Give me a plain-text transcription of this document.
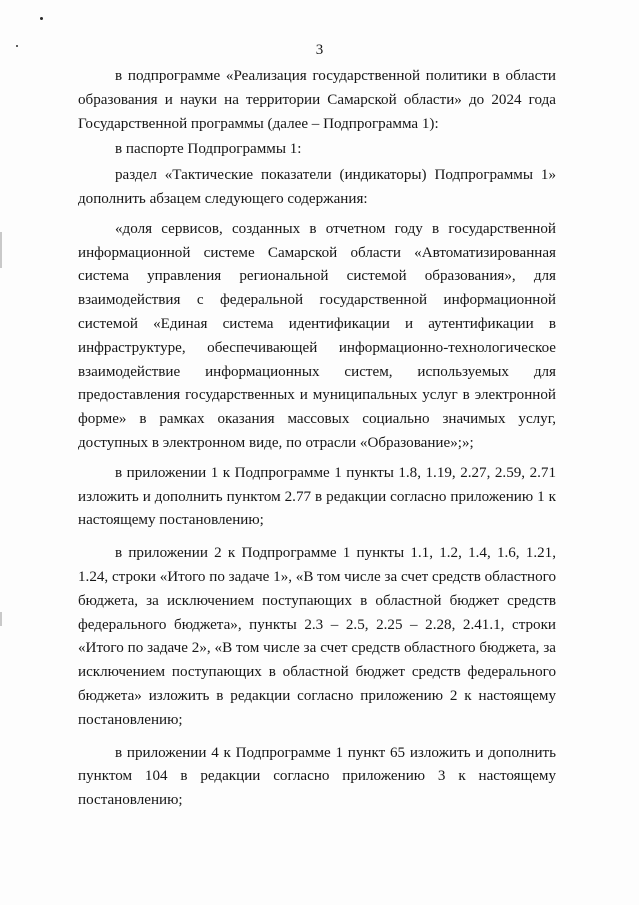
3

в подпрограмме «Реализация государственной политики в области образования и науки на территории Самарской области» до 2024 года Государственной программы (далее – Подпрограмма 1):

в паспорте Подпрограммы 1:

раздел «Тактические показатели (индикаторы) Подпрограммы 1» дополнить абзацем следующего содержания:

«доля сервисов, созданных в отчетном году в государственной информационной системе Самарской области «Автоматизированная система управления региональной системой образования», для взаимодействия с федеральной государственной информационной системой «Единая система идентификации и аутентификации в инфраструктуре, обеспечивающей информационно-технологическое взаимодействие информационных систем, используемых для предоставления государственных и муниципальных услуг в электронной форме» в рамках оказания массовых социально значимых услуг, доступных в электронном виде, по отрасли «Образование»;»;

в приложении 1 к Подпрограмме 1 пункты 1.8, 1.19, 2.27, 2.59, 2.71 изложить и дополнить пунктом 2.77 в редакции согласно приложению 1 к настоящему постановлению;

в приложении 2 к Подпрограмме 1 пункты 1.1, 1.2, 1.4, 1.6, 1.21, 1.24, строки «Итого по задаче 1», «В том числе за счет средств областного бюджета, за исключением поступающих в областной бюджет средств федерального бюджета», пункты 2.3 – 2.5, 2.25 – 2.28, 2.41.1, строки «Итого по задаче 2», «В том числе за счет средств областного бюджета, за исключением поступающих в областной бюджет средств федерального бюджета» изложить в редакции согласно приложению 2 к настоящему постановлению;

в приложении 4 к Подпрограмме 1 пункт 65 изложить и дополнить пунктом 104 в редакции согласно приложению 3 к настоящему постановлению;
